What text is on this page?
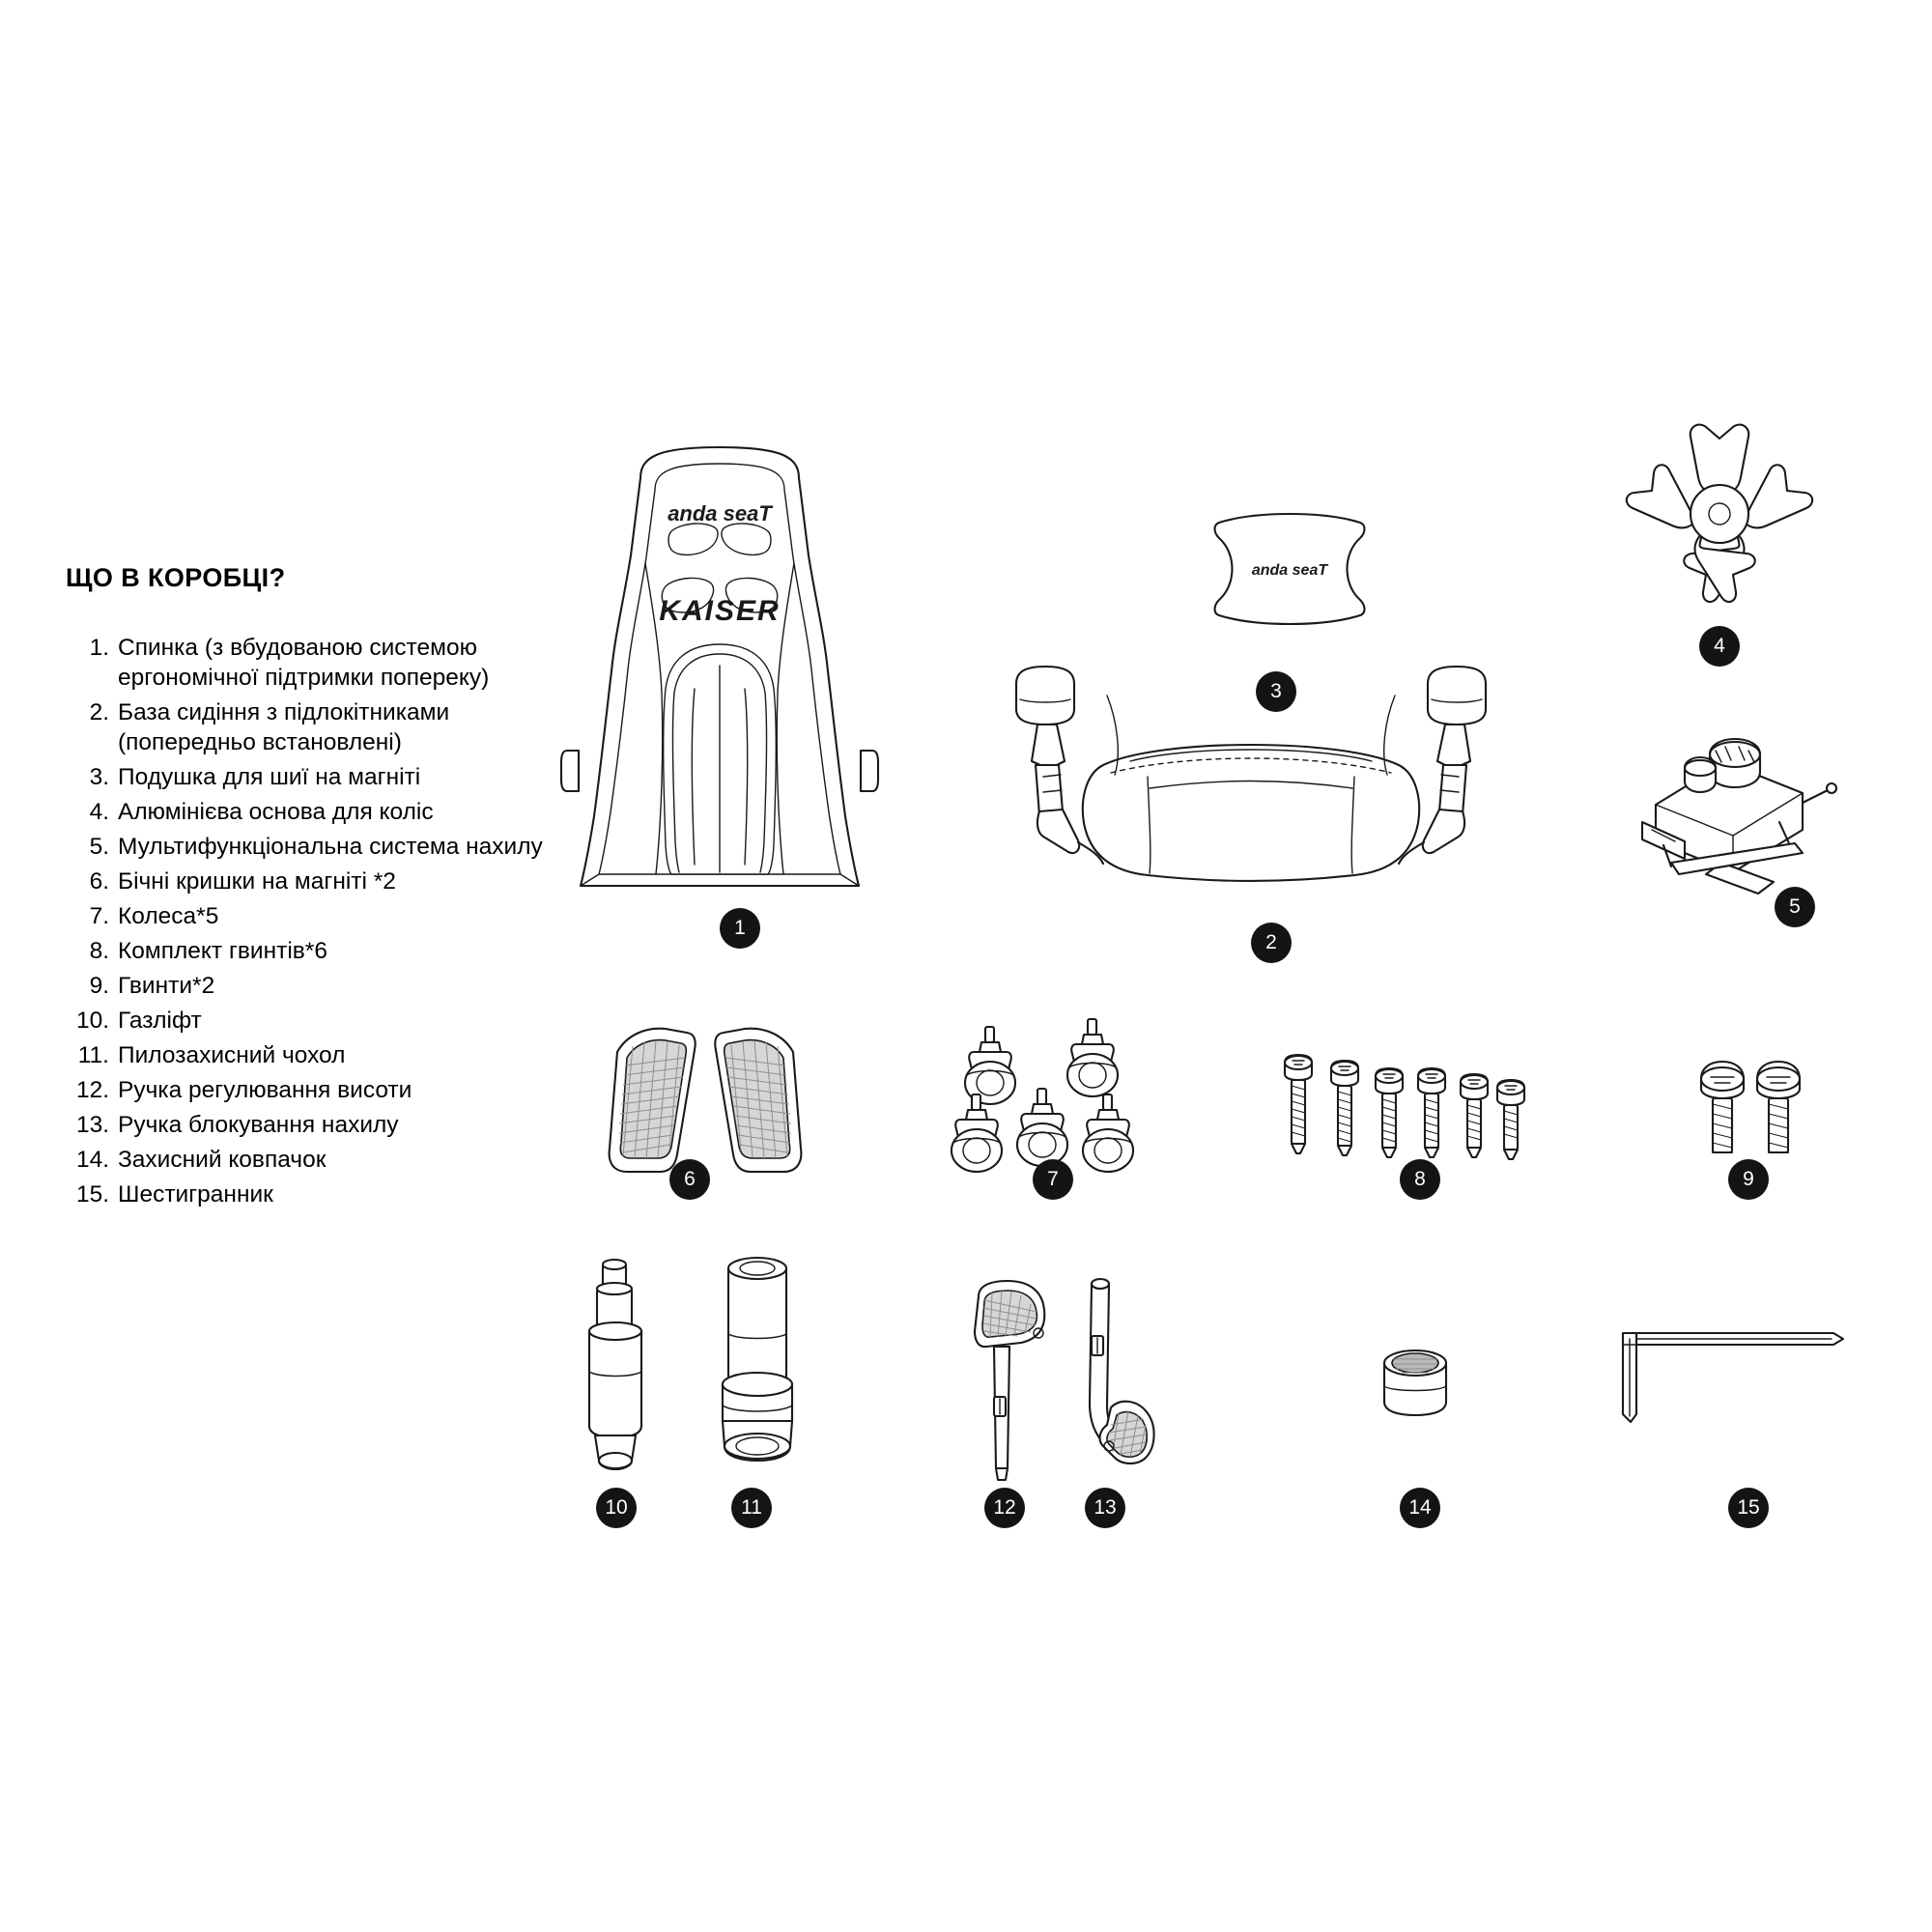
ЩО В КОРОБЦІ?
1. Спинка (з вбудованою системою ергономічної підтримки попереку)
2. База сидіння з підлокітниками (попередньо встановлені)
3. Подушка для шиї на магніті
4. Алюмінієва основа для коліс
5. Мультифункціональна система нахилу
6. Бічні кришки на магніті *2
7. Колеса*5
8. Комплект гвинтів*6
9. Гвинти*2
10. Газліфт
11. Пилозахисний чохол
12. Ручка регулювання висоти
13. Ручка блокування нахилу
14. Захисний ковпачок
15. Шестигранник
anda seaT
KAISER
1
anda seaT
3
4
2
5
6	7	8	9
10	11	12	13	14	15
